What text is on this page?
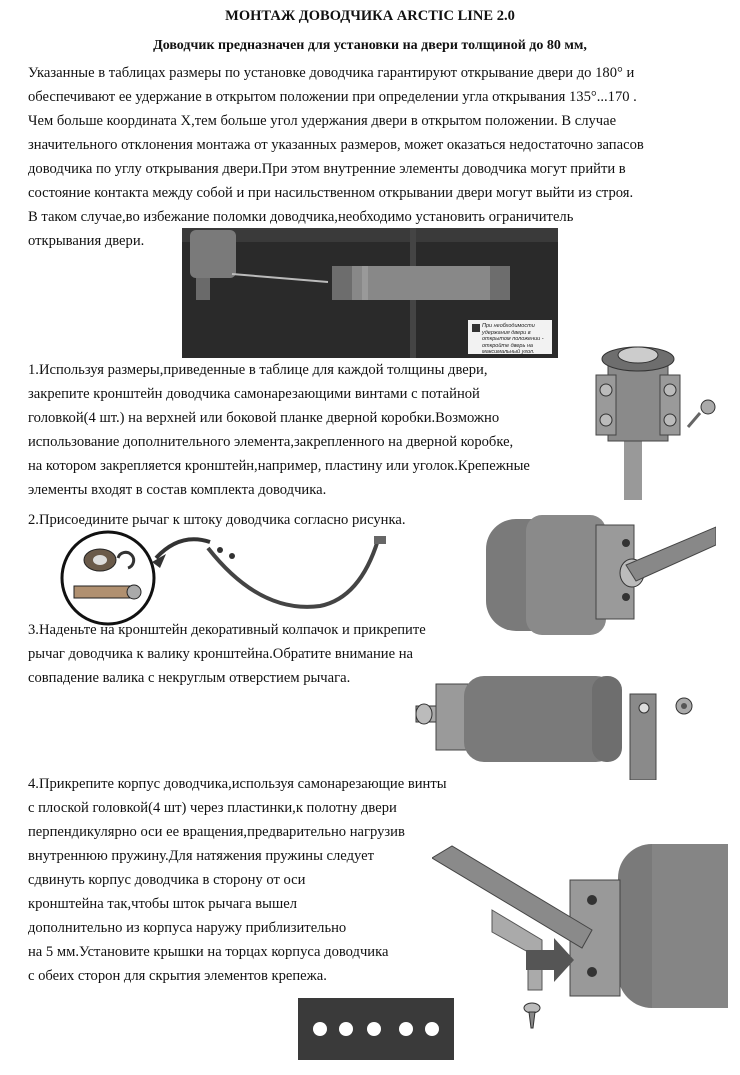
МОНТАЖ ДОВОДЧИКА ARCTIC LINE 2.0
Доводчик предназначен для установки на двери толщиной до 80 мм,
Указанные в таблицах размеры по установке доводчика гарантируют открывание двери до 180° и
обеспечивают ее удержание в открытом положении при определении угла открывания 135°...170 .
Чем больше координата Х,тем больше угол удержания двери в открытом положении. В случае
значительного отклонения монтажа от указанных размеров, может оказаться недостаточно запасов
доводчика по углу открывания двери.При этом внутренние элементы доводчика могут прийти в
состояние контакта между собой и при насильственном открывании двери могут выйти из строя.
В таком случае,во избежание поломки доводчика,необходимо установить ограничитель
открывания двери.
При необходимости удержания двери в открытом положении - откройте дверь на максимальный угол.
1.Используя размеры,приведенные в таблице для каждой толщины двери,
закрепите кронштейн доводчика самонарезающими винтами с потайной
головкой(4 шт.) на верхней или боковой планке дверной коробки.Возможно
использование дополнительного элемента,закрепленного на дверной коробке,
на котором закрепляется кронштейн,например, пластину или уголок.Крепежные
элементы входят в состав комплекта доводчика.
2.Присоедините рычаг к штоку доводчика согласно рисунка.
3.Наденьте на кронштейн декоративный колпачок и прикрепите
рычаг доводчика к валику кронштейна.Обратите внимание на
совпадение валика с некруглым отверстием рычага.
4.Прикрепите корпус доводчика,используя самонарезающие винты
с плоской головкой(4 шт) через пластинки,к полотну двери
перпендикулярно оси ее вращения,предварительно нагрузив
внутреннюю пружину.Для натяжения пружины следует
сдвинуть корпус доводчика в сторону от оси
кронштейна так,чтобы шток рычага вышел
дополнительно из корпуса наружу приблизительно
на 5 мм.Установите крышки на торцах корпуса доводчика
с обеих сторон для скрытия элементов крепежа.
